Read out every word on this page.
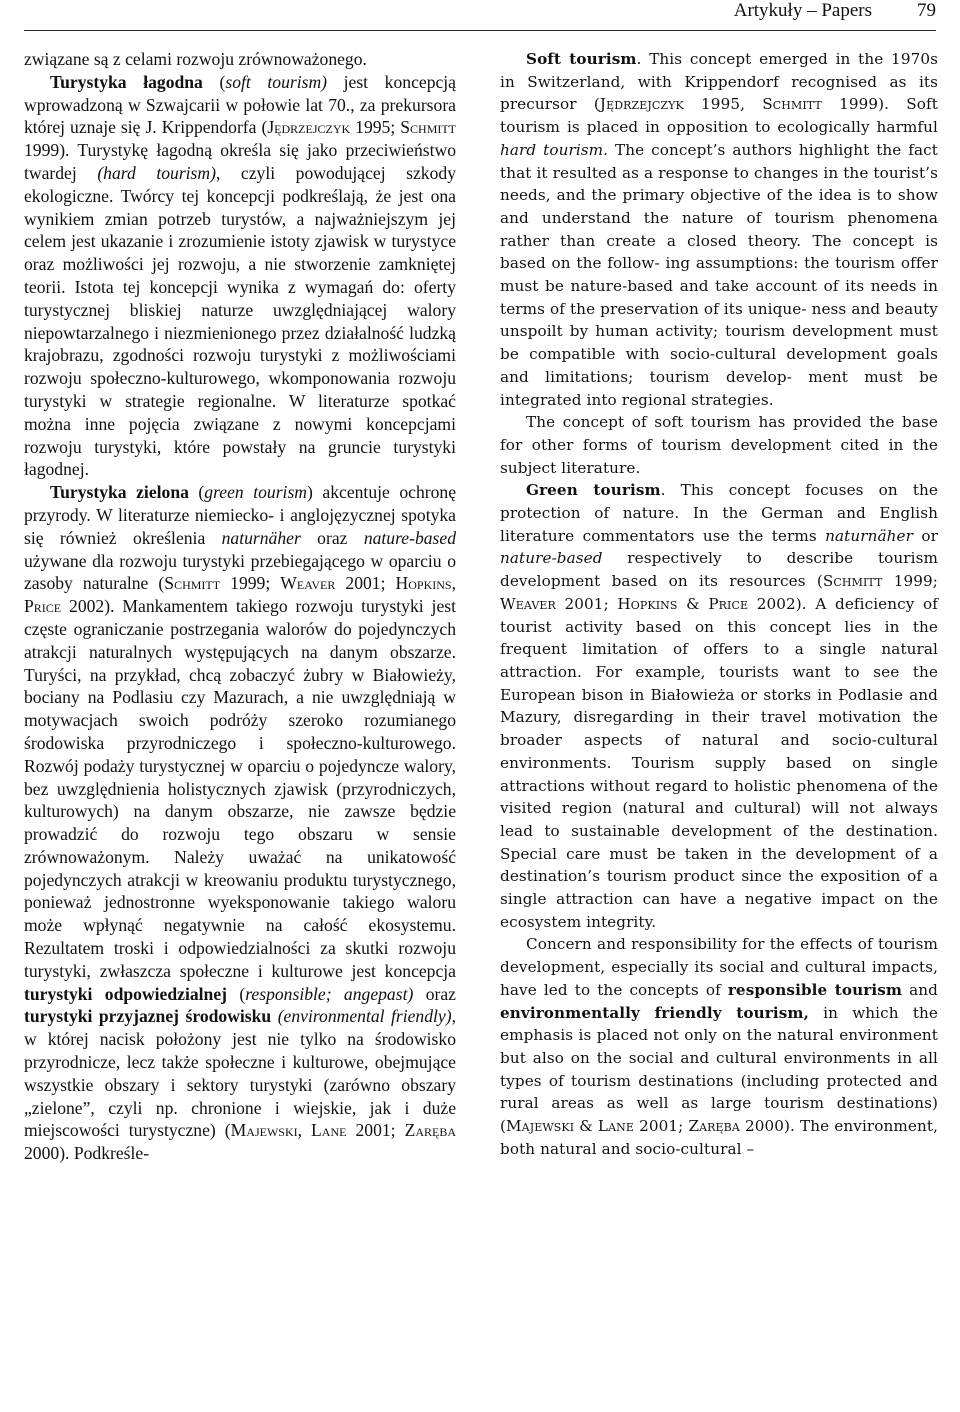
Artykuły – Papers 79

związane są z celami rozwoju zrównoważonego.

Turystyka łagodna (soft tourism) jest koncepcją wprowadzoną w Szwajcarii w połowie lat 70., za prekursora której uznaje się J. Krippendorfa (Jędrzejczyk 1995; Schmitt 1999). Turystykę łagodną określa się jako przeciwieństwo twardej (hard tourism), czyli powodującej szkody ekologiczne. Twórcy tej koncepcji podkreślają, że jest ona wynikiem zmian potrzeb turystów, a najważniejszym jej celem jest ukazanie i zrozumienie istoty zjawisk w turystyce oraz możliwości jej rozwoju, a nie stworzenie zamkniętej teorii. Istota tej koncepcji wynika z wymagań do: oferty turystycznej bliskiej naturze uwzględniającej walory niepowtarzalnego i niezmienionego przez działalność ludzką krajobrazu, zgodności rozwoju turystyki z możliwościami rozwoju społeczno-kulturowego, wkomponowania rozwoju turystyki w strategie regionalne. W literaturze spotkać można inne pojęcia związane z nowymi koncepcjami rozwoju turystyki, które powstały na gruncie turystyki łagodnej.

Turystyka zielona (green tourism) akcentuje ochronę przyrody. W literaturze niemiecko- i anglojęzycznej spotyka się również określenia naturnäher oraz nature-based używane dla rozwoju turystyki przebiegającego w oparciu o zasoby naturalne (Schmitt 1999; Weaver 2001; Hopkins, Price 2002). Mankamentem takiego rozwoju turystyki jest częste ograniczanie postrzegania walorów do pojedynczych atrakcji naturalnych występujących na danym obszarze. Turyści, na przykład, chcą zobaczyć żubry w Białowieży, bociany na Podlasiu czy Mazurach, a nie uwzględniają w motywacjach swoich podróży szeroko rozumianego środowiska przyrodniczego i społeczno-kulturowego. Rozwój podaży turystycznej w oparciu o pojedyncze walory, bez uwzględnienia holistycznych zjawisk (przyrodniczych, kulturowych) na danym obszarze, nie zawsze będzie prowadzić do rozwoju tego obszaru w sensie zrównoważonym. Należy uważać na unikatowość pojedynczych atrakcji w kreowaniu produktu turystycznego, ponieważ jednostronne wyeksponowanie takiego waloru może wpłynąć negatywnie na całość ekosystemu. Rezultatem troski i odpowiedzialności za skutki rozwoju turystyki, zwłaszcza społeczne i kulturowe jest koncepcja turystyki odpowiedzialnej (responsible; angepast) oraz turystyki przyjaznej środowisku (environmental friendly), w której nacisk położony jest nie tylko na środowisko przyrodnicze, lecz także społeczne i kulturowe, obejmujące wszystkie obszary i sektory turystyki (zarówno obszary „zielone”, czyli np. chronione i wiejskie, jak i duże miejscowości turystyczne) (Majewski, Lane 2001; Zaręba 2000). Podkreśle-

Soft tourism. This concept emerged in the 1970s in Switzerland, with Krippendorf recognised as its precursor (Jędrzejczyk 1995, Schmitt 1999). Soft tourism is placed in opposition to ecologically harmful hard tourism. The concept’s authors highlight the fact that it resulted as a response to changes in the tourist’s needs, and the primary objective of the idea is to show and understand the nature of tourism phenomena rather than create a closed theory. The concept is based on the follow- ing assumptions: the tourism offer must be nature-based and take account of its needs in terms of the preservation of its unique- ness and beauty unspoilt by human activity; tourism development must be compatible with socio-cultural development goals and limitations; tourism develop- ment must be integrated into regional strategies.

The concept of soft tourism has provided the base for other forms of tourism development cited in the subject literature.

Green tourism. This concept focuses on the protection of nature. In the German and English literature commentators use the terms naturnäher or nature-based respectively to describe tourism development based on its resources (Schmitt 1999; Weaver 2001; Hopkins & Price 2002). A deficiency of tourist activity based on this concept lies in the frequent limitation of offers to a single natural attraction. For example, tourists want to see the European bison in Białowieża or storks in Podlasie and Mazury, disregarding in their travel motivation the broader aspects of natural and socio-cultural environments. Tourism supply based on single attractions without regard to holistic phenomena of the visited region (natural and cultural) will not always lead to sustainable development of the destination. Special care must be taken in the development of a destination’s tourism product since the exposition of a single attraction can have a negative impact on the ecosystem integrity.

Concern and responsibility for the effects of tourism development, especially its social and cultural impacts, have led to the concepts of responsible tourism and environmentally friendly tourism, in which the emphasis is placed not only on the natural environment but also on the social and cultural environments in all types of tourism destinations (including protected and rural areas as well as large tourism destinations) (Majewski & Lane 2001; Zaręba 2000). The environment, both natural and socio-cultural –
